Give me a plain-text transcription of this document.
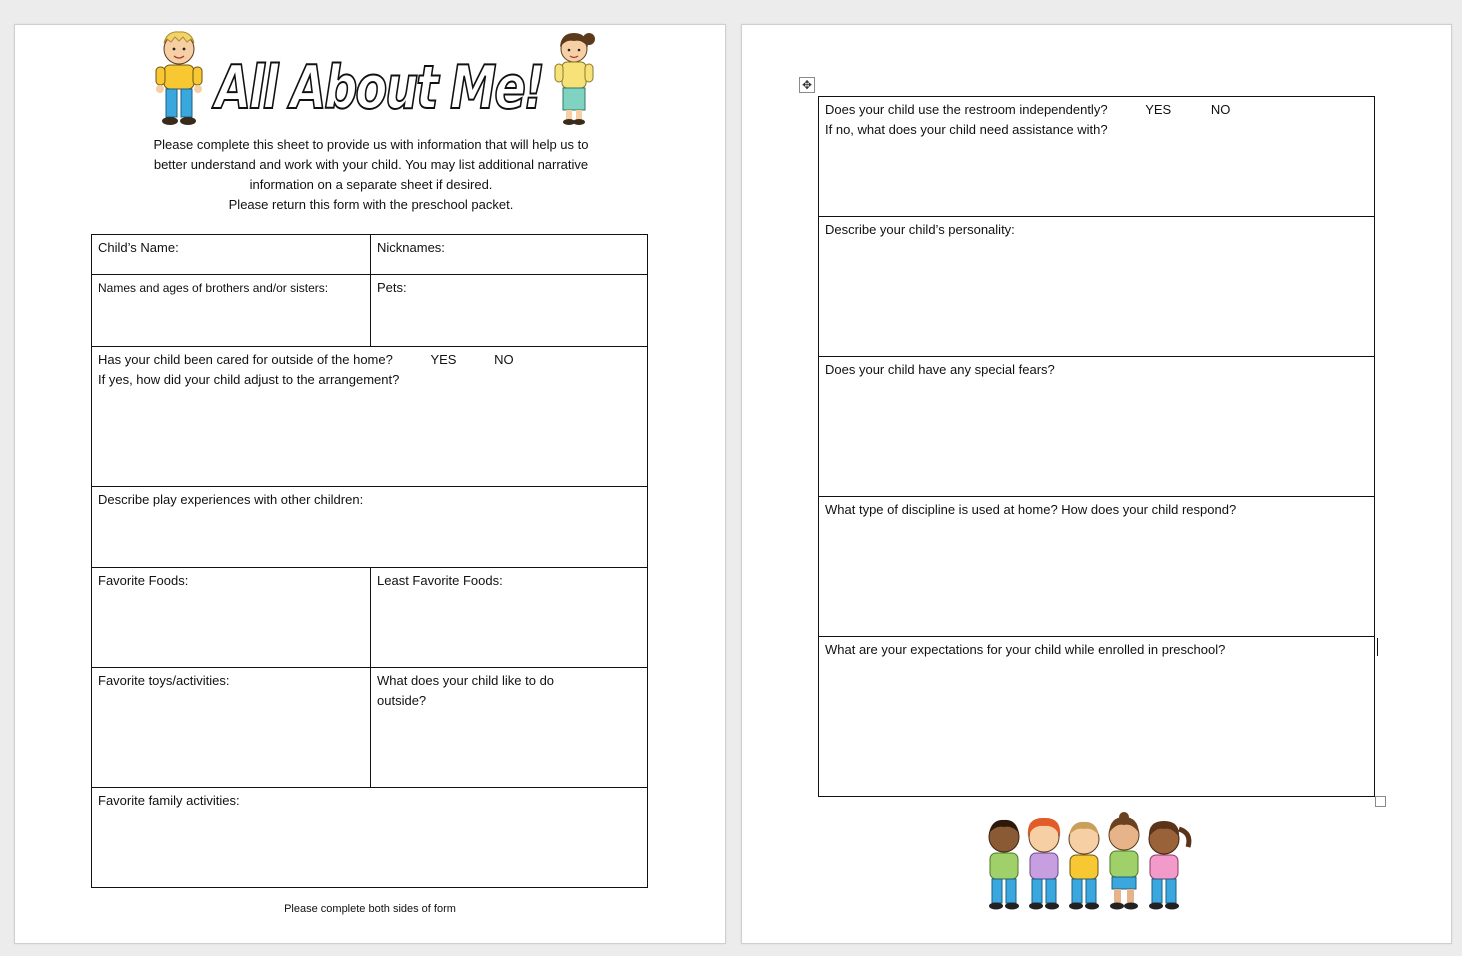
All About Me!
Please complete this sheet to provide us with information that will help us to
better understand and work with your child. You may list additional narrative
information on a separate sheet if desired.
Please return this form with the preschool packet.
Child’s Name:	Nicknames:
Names and ages of brothers and/or sisters:	Pets:

Has your child been cared for outside of the home? YES NO
If yes, how did your child adjust to the arrangement?	

Describe play experiences with other children:	
Favorite Foods:	Least Favorite Foods:
Favorite toys/activities:	What does your child like to do outside?

Favorite family activities:	
Please complete both sides of form
✥
Does your child use the restroom independently?	YES	NO
If no, what does your child need assistance with?

Describe your child’s personality:
Does your child have any special fears?
What type of discipline is used at home? How does your child respond?
What are your expectations for your child while enrolled in preschool?
